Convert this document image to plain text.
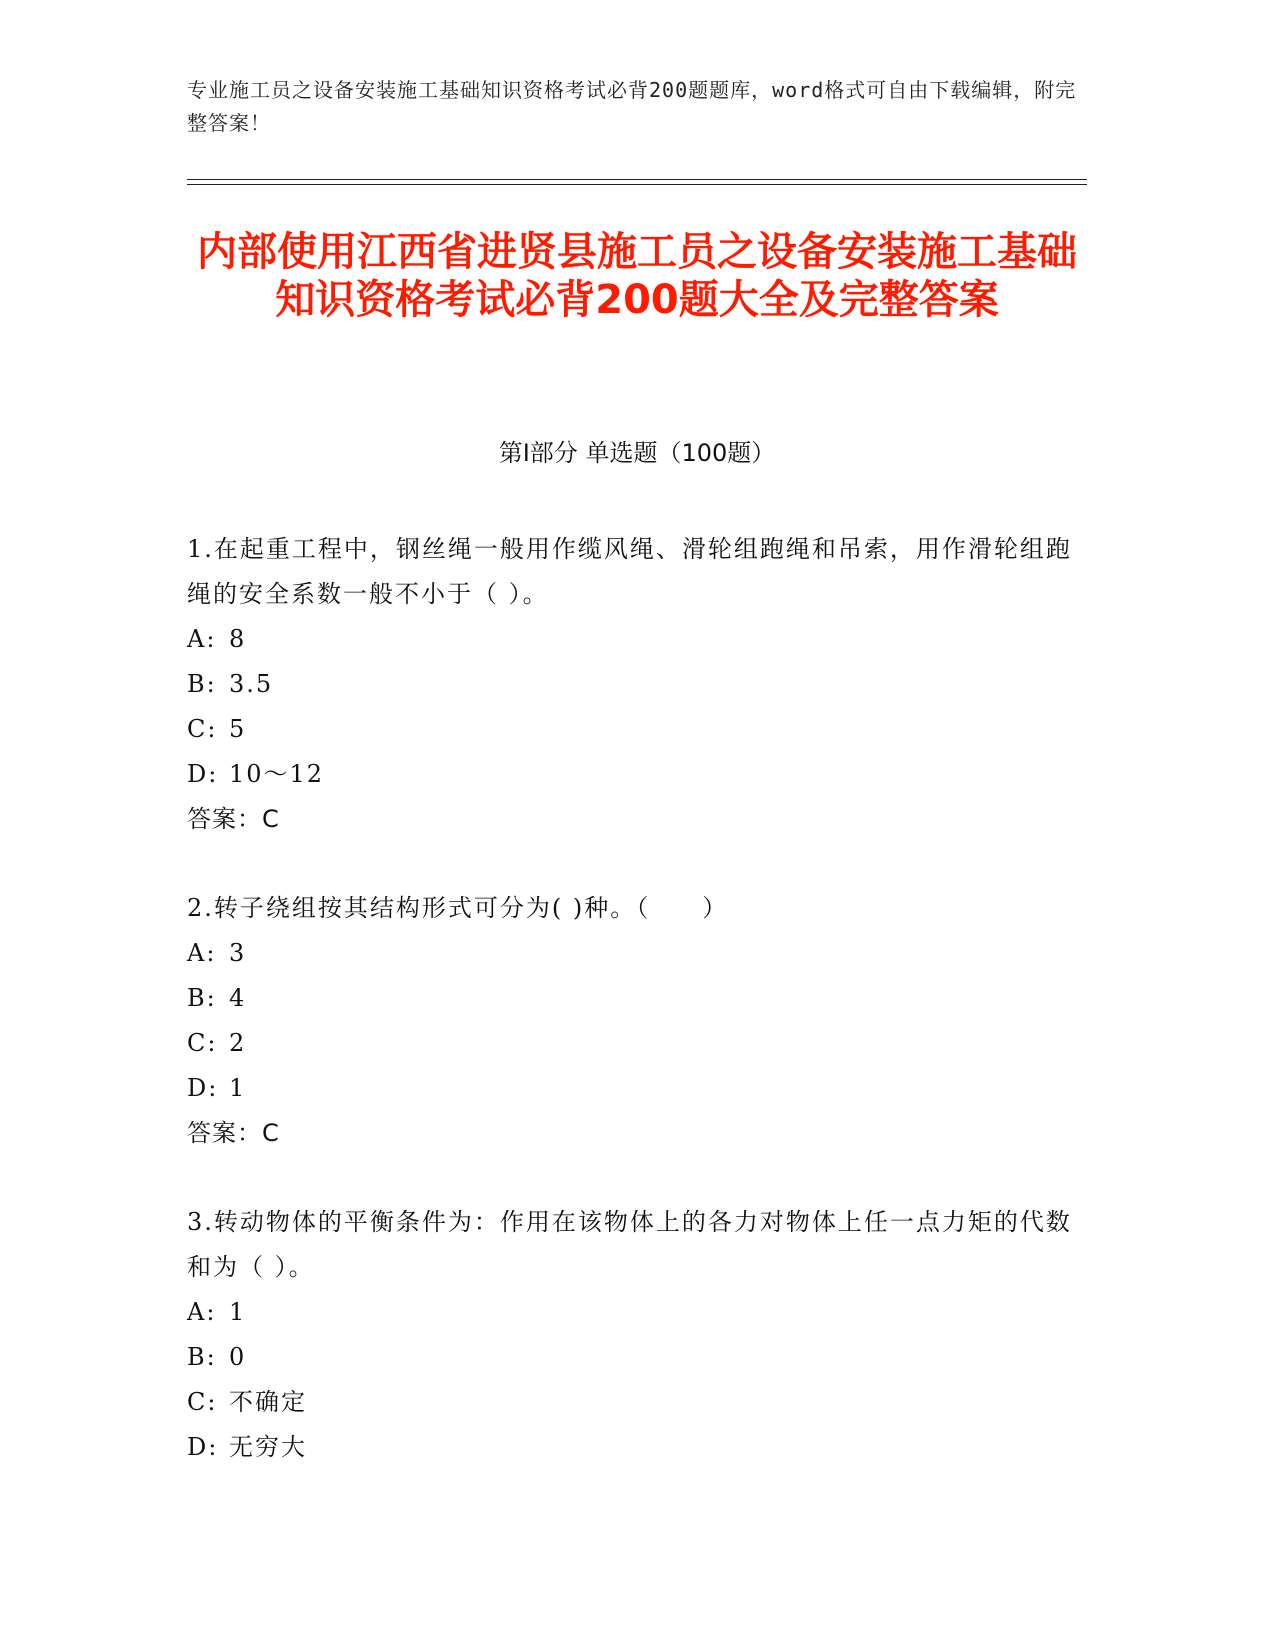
专业施工员之设备安装施工基础知识资格考试必背200题题库，word格式可自由下载编辑，附完整答案！
内部使用江西省进贤县施工员之设备安装施工基础知识资格考试必背200题大全及完整答案
第Ⅰ部分 单选题（100题）

1.在起重工程中，钢丝绳一般用作缆风绳、滑轮组跑绳和吊索，用作滑轮组跑绳的安全系数一般不小于（ ）。

A: 8

B: 3.5

C: 5

D: 10～12

答案：C

2.转子绕组按其结构形式可分为( )种。（　　）

A: 3

B: 4

C: 2

D: 1

答案：C

3.转动物体的平衡条件为：作用在该物体上的各力对物体上任一点力矩的代数和为（ ）。

A: 1

B: 0

C: 不确定

D: 无穷大
